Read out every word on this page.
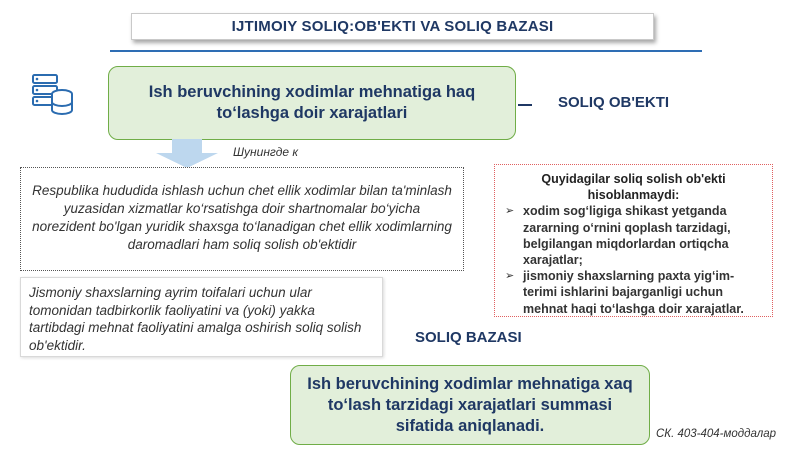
IJTIMOIY SOLIQ:OB'EKTI VA SOLIQ BAZASI
Ish beruvchining xodimlar mehnatiga haq to‘lashga doir xarajatlari
SOLIQ OB'EKTI
Шунингде к
Respublika hududida ishlash uchun chet ellik xodimlar bilan ta'minlash yuzasidan xizmatlar ko‘rsatishga doir shartnomalar bo‘yicha norezident bo'lgan yuridik shaxsga to‘lanadigan chet ellik xodimlarning daromadlari ham soliq solish ob'ektidir
Quyidagilar soliq solish ob'ekti hisoblanmaydi:
➢ xodim sog‘ligiga shikast yetganda zararning o‘rnini qoplash tarzidagi, belgilangan miqdorlardan ortiqcha xarajatlar;
➢ jismoniy shaxslarning paxta yig‘im-terimi ishlarini bajarganligi uchun mehnat haqi to‘lashga doir xarajatlar.
Jismoniy shaxslarning ayrim toifalari uchun ular tomonidan tadbirkorlik faoliyatini va (yoki) yakka tartibdagi mehnat faoliyatini amalga oshirish soliq solish ob'ektidir.	SOLIQ BAZASI
Ish beruvchining xodimlar mehnatiga xaq to‘lash tarzidagi xarajatlari summasi sifatida aniqlanadi.	СК. 403-404-моддалар
